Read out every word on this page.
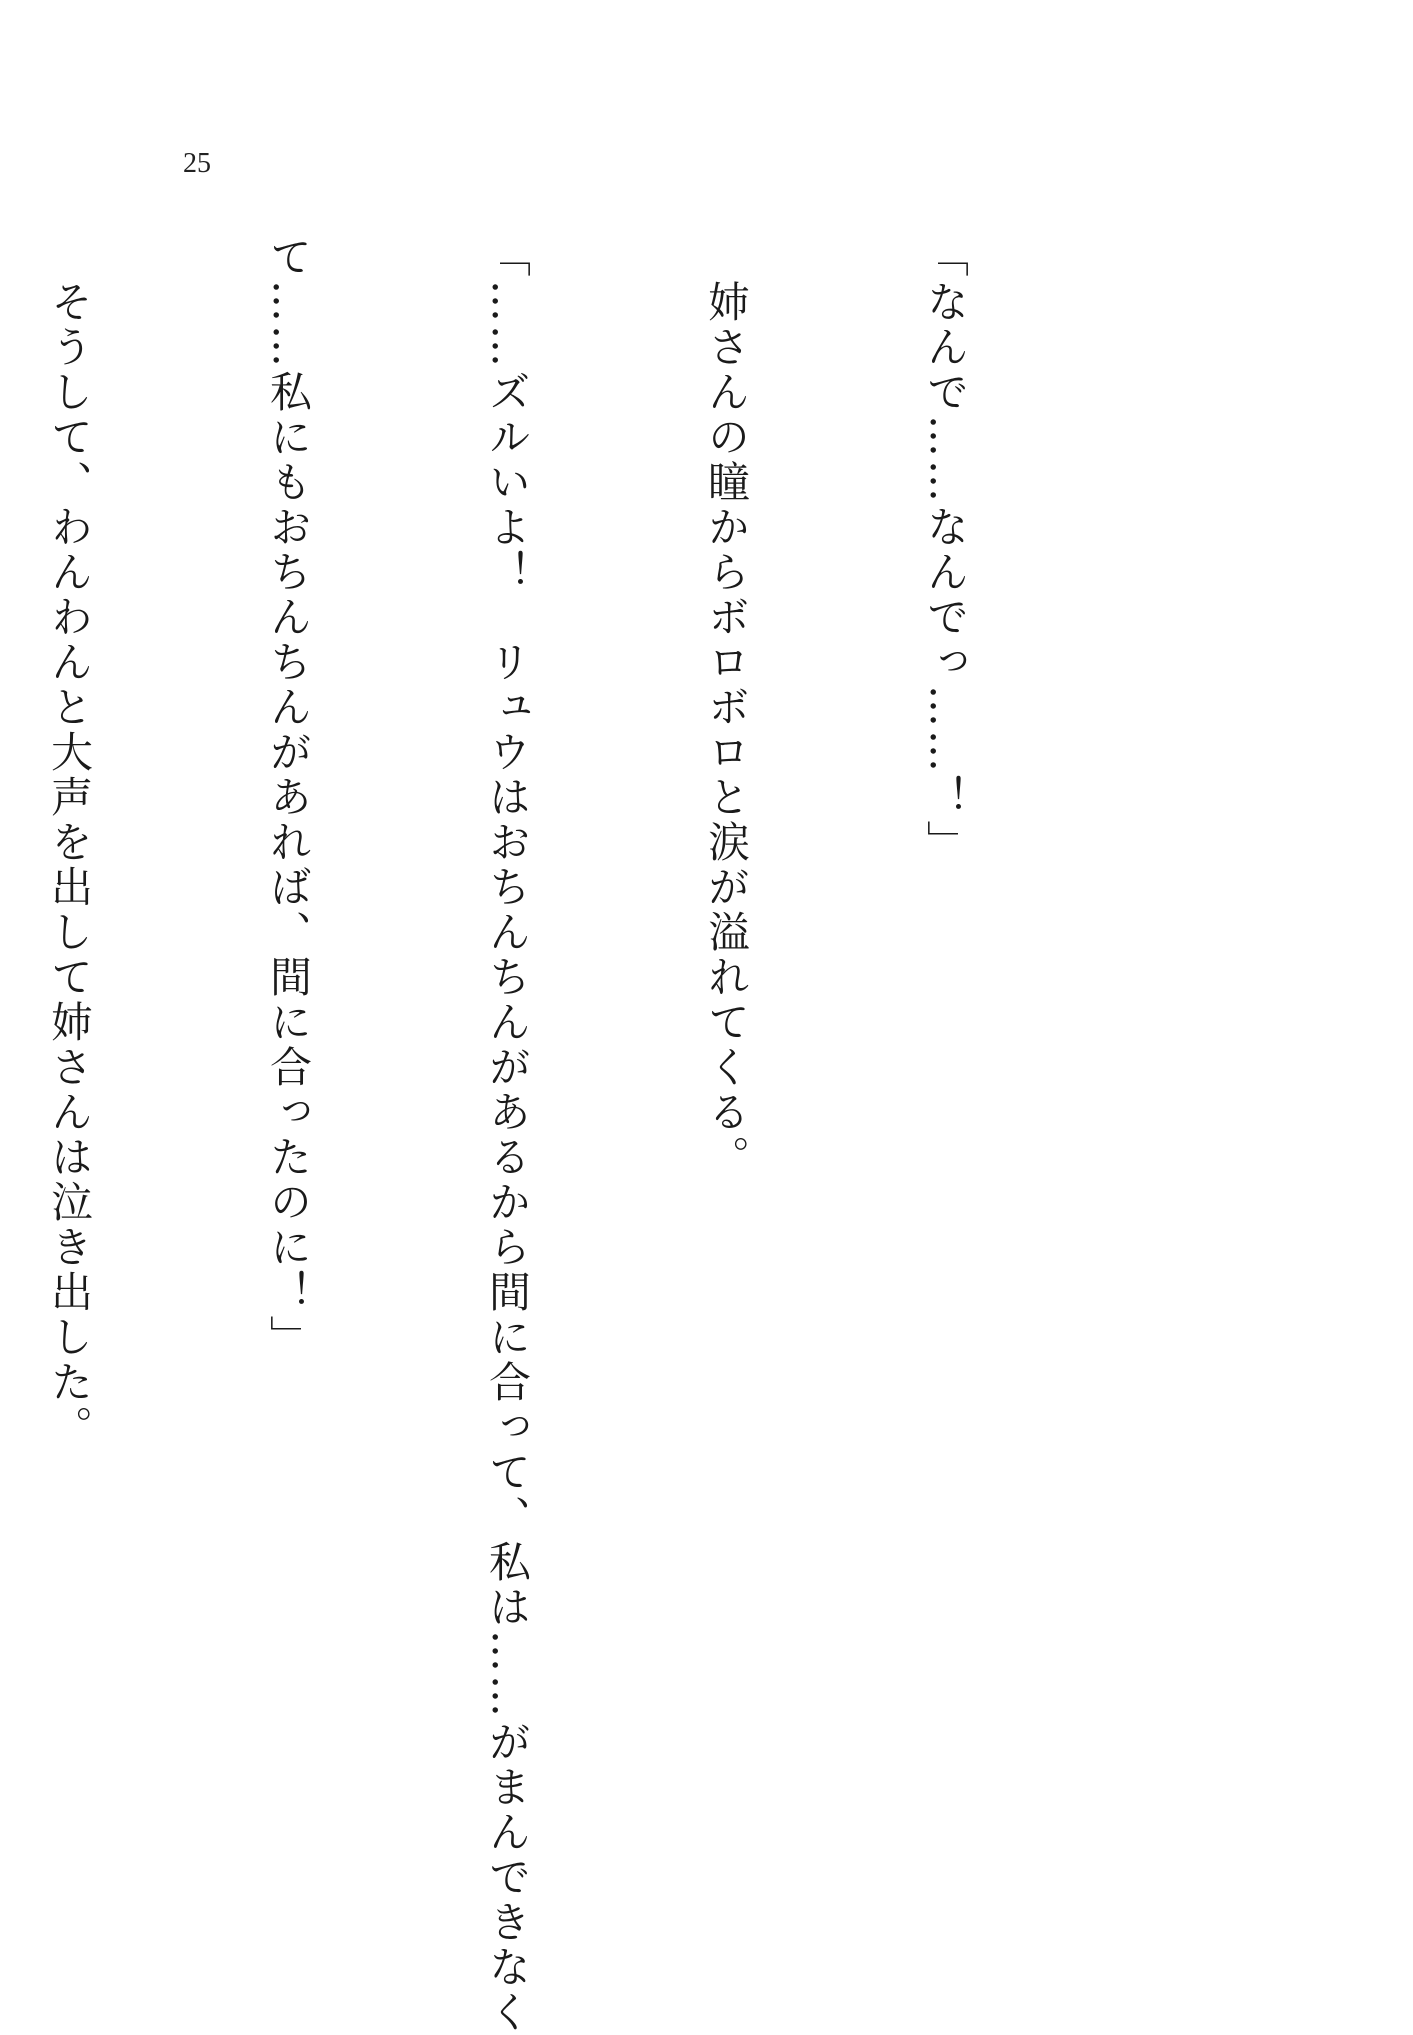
25

「なんで……なんでっ……！」

　姉さんの瞳からボロボロと涙が溢れてくる。

「……ズルいよ！　リュウはおちんちんがあるから間に合って、私は……がまんできなく

て……私にもおちんちんがあれば、間に合ったのに！」

　そうして、わんわんと大声を出して姉さんは泣き出した。
